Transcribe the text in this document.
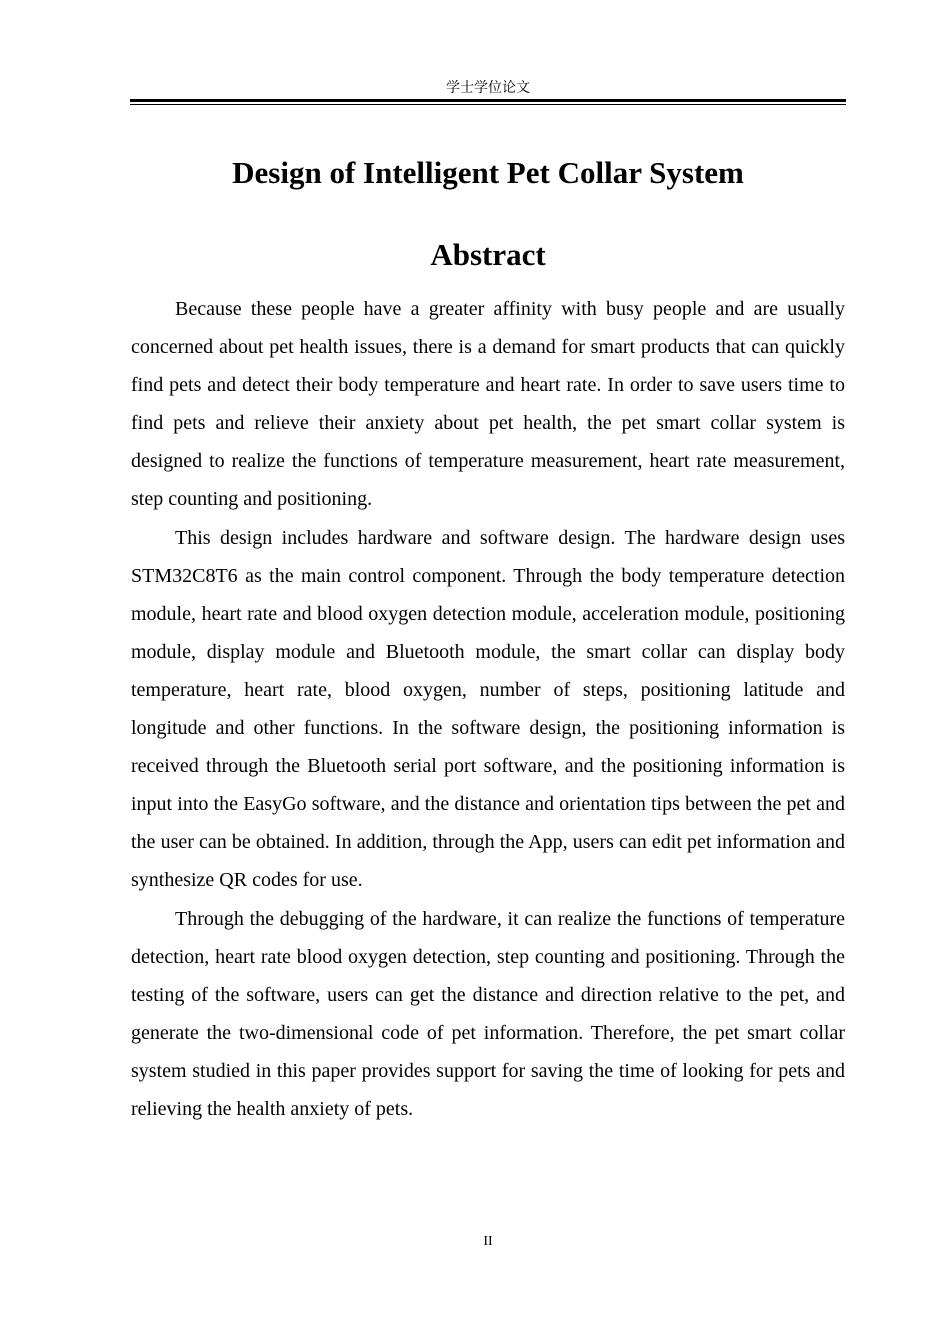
学士学位论文
Design of Intelligent Pet Collar System
Abstract

Because these people have a greater affinity with busy people and are usually concerned about pet health issues, there is a demand for smart products that can quickly find pets and detect their body temperature and heart rate. In order to save users time to find pets and relieve their anxiety about pet health, the pet smart collar system is designed to realize the functions of temperature measurement, heart rate measurement, step counting and positioning.

This design includes hardware and software design. The hardware design uses STM32C8T6 as the main control component. Through the body temperature detection module, heart rate and blood oxygen detection module, acceleration module, positioning module, display module and Bluetooth module, the smart collar can display body temperature, heart rate, blood oxygen, number of steps, positioning latitude and longitude and other functions. In the software design, the positioning information is received through the Bluetooth serial port software, and the positioning information is input into the EasyGo software, and the distance and orientation tips between the pet and the user can be obtained. In addition, through the App, users can edit pet information and synthesize QR codes for use.

Through the debugging of the hardware, it can realize the functions of temperature detection, heart rate blood oxygen detection, step counting and positioning. Through the testing of the software, users can get the distance and direction relative to the pet, and generate the two-dimensional code of pet information. Therefore, the pet smart collar system studied in this paper provides support for saving the time of looking for pets and relieving the health anxiety of pets.

II
